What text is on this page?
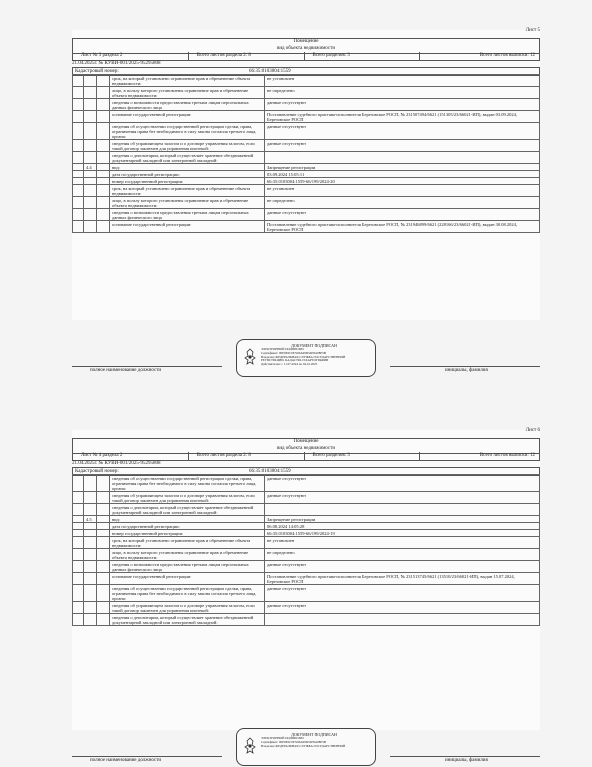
Лист 5
Помещение
вид объекта недвижимости
Лист № 3 раздела 2	Всего листов раздела 2: 8	Всего разделов: 3	Всего листов выписки: 12
21.04.2025г. № КУВИ-001/2025-95295808
Кадастровый номер:	66:35:0103004:1559
			срок, на который установлено ограничение прав и обременение объекта недвижимости:	не установлен
			лицо, в пользу которого установлены ограничение прав и обременение объекта недвижимости:	не определено
			сведения о возможности предоставления третьим лицам персональных данных физического лица	данные отсутствуют
			основание государственной регистрации:	Постановление судебного пристава-исполнителя Березовское РОСП, № 231507494/6621 (151305/23/66021-ИП), выдан 03.09.2024, Березовское РОСП
			сведения об осуществлении государственной регистрации сделки, права, ограничения права без необходимого в силу закона согласия третьего лица, органа:	данные отсутствуют
			сведения об управляющем залогом и о договоре управления залогом, если такой договор заключен для управления ипотекой:	данные отсутствуют
			сведения о депозитарии, который осуществляет хранение обездвиженной документарной закладной или электронной закладной:	
	4.4		вид:	Запрещение регистрации
			дата государственной регистрации:	03.09.2024 15:05:11
			номер государственной регистрации:	66:35:0103004:1559-66/199/2024-20
			срок, на который установлено ограничение прав и обременение объекта недвижимости:	не установлен
			лицо, в пользу которого установлены ограничение прав и обременение объекта недвижимости:	не определено
			сведения о возможности предоставления третьим лицам персональных данных физического лица	данные отсутствуют
			основание государственной регистрации:	Постановление судебного пристава-исполнителя Березовское РОСП, № 231946899/6621 (228166/23/66021-ИП), выдан 30.08.2024, Березовское РОСП
ДОКУМЕНТ ПОДПИСАН
ЭЛЕКТРОННОЙ ПОДПИСЬЮ
Сертификат: 00E9E0C0E5D6A99D54E8A08E5B
Владелец: ФЕДЕРАЛЬНАЯ СЛУЖБА ГОСУДАРСТВЕННОЙ
РЕГИСТРАЦИИ, КАДАСТРА И КАРТОГРАФИИ
Действителен: с 11.07.2024 по 04.10.2025
полное наименование должности	инициалы, фамилия
Лист 6
Помещение
вид объекта недвижимости
Лист № 4 раздела 2	Всего листов раздела 2: 8	Всего разделов: 3	Всего листов выписки: 12
21.04.2025г. № КУВИ-001/2025-95295808
Кадастровый номер:	66:35:0103004:1559
			сведения об осуществлении государственной регистрации сделки, права, ограничения права без необходимого в силу закона согласия третьего лица, органа:	данные отсутствуют
			сведения об управляющем залогом и о договоре управления залогом, если такой договор заключен для управления ипотекой:	данные отсутствуют
			сведения о депозитарии, который осуществляет хранение обездвиженной документарной закладной или электронной закладной:	
	4.5		вид:	Запрещение регистрации
			дата государственной регистрации:	06.08.2024 14:05:28
			номер государственной регистрации:	66:35:0103004:1559-66/199/2024-19
			срок, на который установлено ограничение прав и обременение объекта недвижимости:	не установлен
			лицо, в пользу которого установлены ограничение прав и обременение объекта недвижимости:	не определено
			сведения о возможности предоставления третьим лицам персональных данных физического лица	данные отсутствуют
			основание государственной регистрации:	Постановление судебного пристава-исполнителя Березовское РОСП, № 231513745/6621 (13510/23/66021-ИП), выдан 15.07.2024, Березовское РОСП
			сведения об осуществлении государственной регистрации сделки, права, ограничения права без необходимого в силу закона согласия третьего лица, органа:	данные отсутствуют
			сведения об управляющем залогом и о договоре управления залогом, если такой договор заключен для управления ипотекой:	данные отсутствуют
			сведения о депозитарии, который осуществляет хранение обездвиженной документарной закладной или электронной закладной:	
ДОКУМЕНТ ПОДПИСАН
ЭЛЕКТРОННОЙ ПОДПИСЬЮ
Сертификат: 00E9E0C0E5D6A99D54E8A08E5B
Владелец: ФЕДЕРАЛЬНАЯ СЛУЖБА ГОСУДАРСТВЕННОЙ
полное наименование должности	инициалы, фамилия
